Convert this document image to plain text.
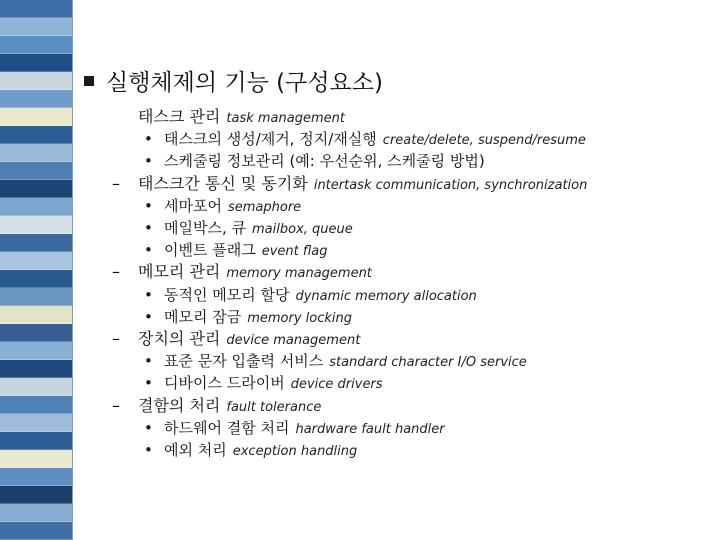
실행체제의 기능 (구성요소)
태스크 관리 task management
• 태스크의 생성/제거, 정지/재실행 create/delete, suspend/resume
• 스케줄링 정보관리 (예: 우선순위, 스케줄링 방법)
– 태스크간 통신 및 동기화 intertask communication, synchronization
• 세마포어 semaphore
• 메일박스, 큐 mailbox, queue
• 이벤트 플래그 event flag
– 메모리 관리 memory management
• 동적인 메모리 할당 dynamic memory allocation
• 메모리 잠금 memory locking
– 장치의 관리 device management
• 표준 문자 입출력 서비스 standard character I/O service
• 디바이스 드라이버 device drivers
– 결함의 처리 fault tolerance
• 하드웨어 결함 처리 hardware fault handler
• 예외 처리 exception handling
